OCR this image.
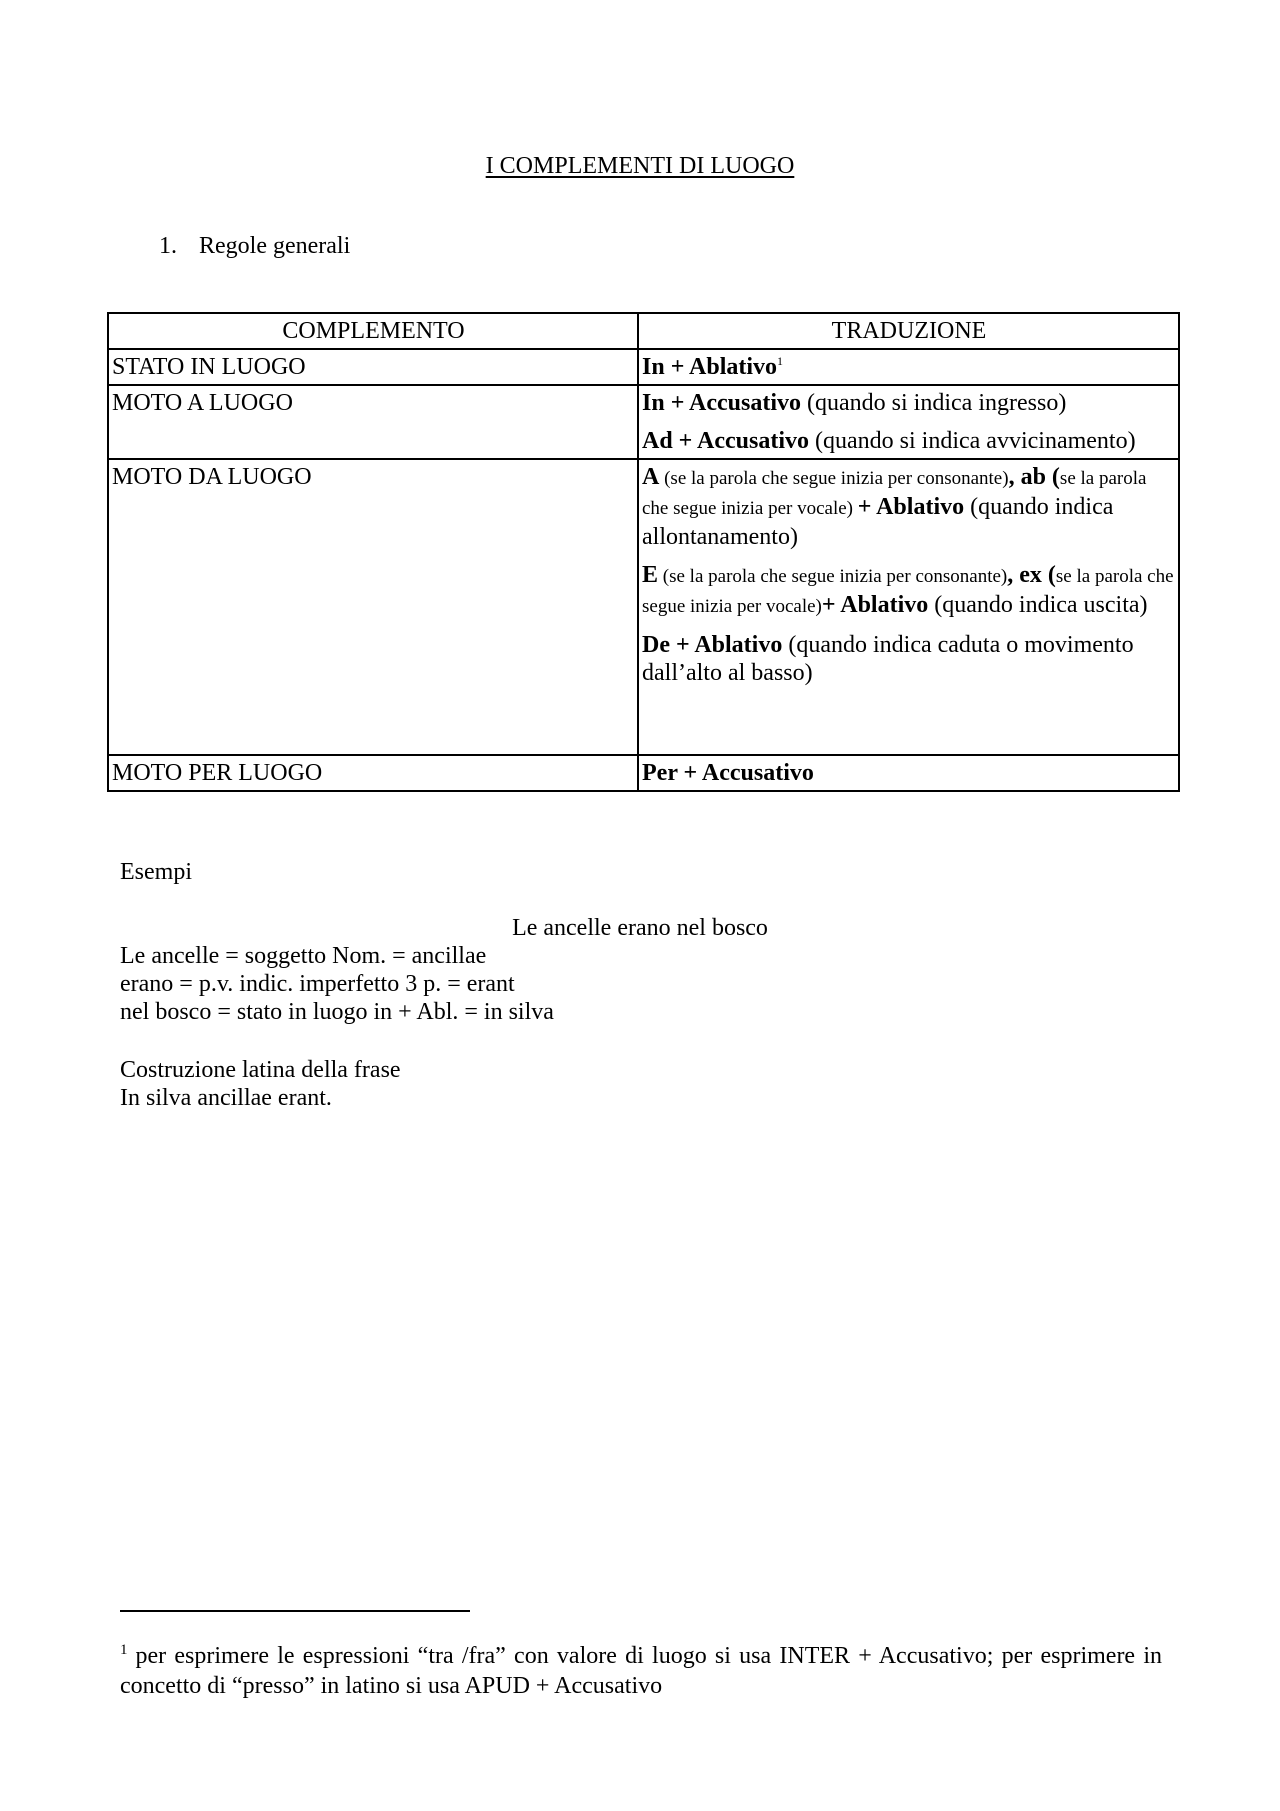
I COMPLEMENTI DI LUOGO
1. Regole generali
COMPLEMENTO	TRADUZIONE
STATO IN LUOGO	In + Ablativo$^1$
MOTO A LUOGO	In + Accusativo (quando si indica ingresso)
Ad + Accusativo (quando si indica avvicinamento)

MOTO DA LUOGO	A (se la parola che segue inizia per consonante), ab (se la parola che segue inizia per vocale) + Ablativo (quando indica allontanamento)
E (se la parola che segue inizia per consonante), ex (se la parola che segue inizia per vocale)+ Ablativo (quando indica uscita)
De + Ablativo (quando indica caduta o movimento dall’alto al basso)

MOTO PER LUOGO	Per + Accusativo
Esempi
Le ancelle erano nel bosco
Le ancelle = soggetto Nom. = ancillae
erano = p.v. indic. imperfetto 3 p. = erant
nel bosco = stato in luogo in + Abl. = in silva
Costruzione latina della frase
In silva ancillae erant.
$^1$ per esprimere le espressioni “tra /fra” con valore di luogo si usa INTER + Accusativo; per esprimere in concetto di “presso” in latino si usa APUD + Accusativo
